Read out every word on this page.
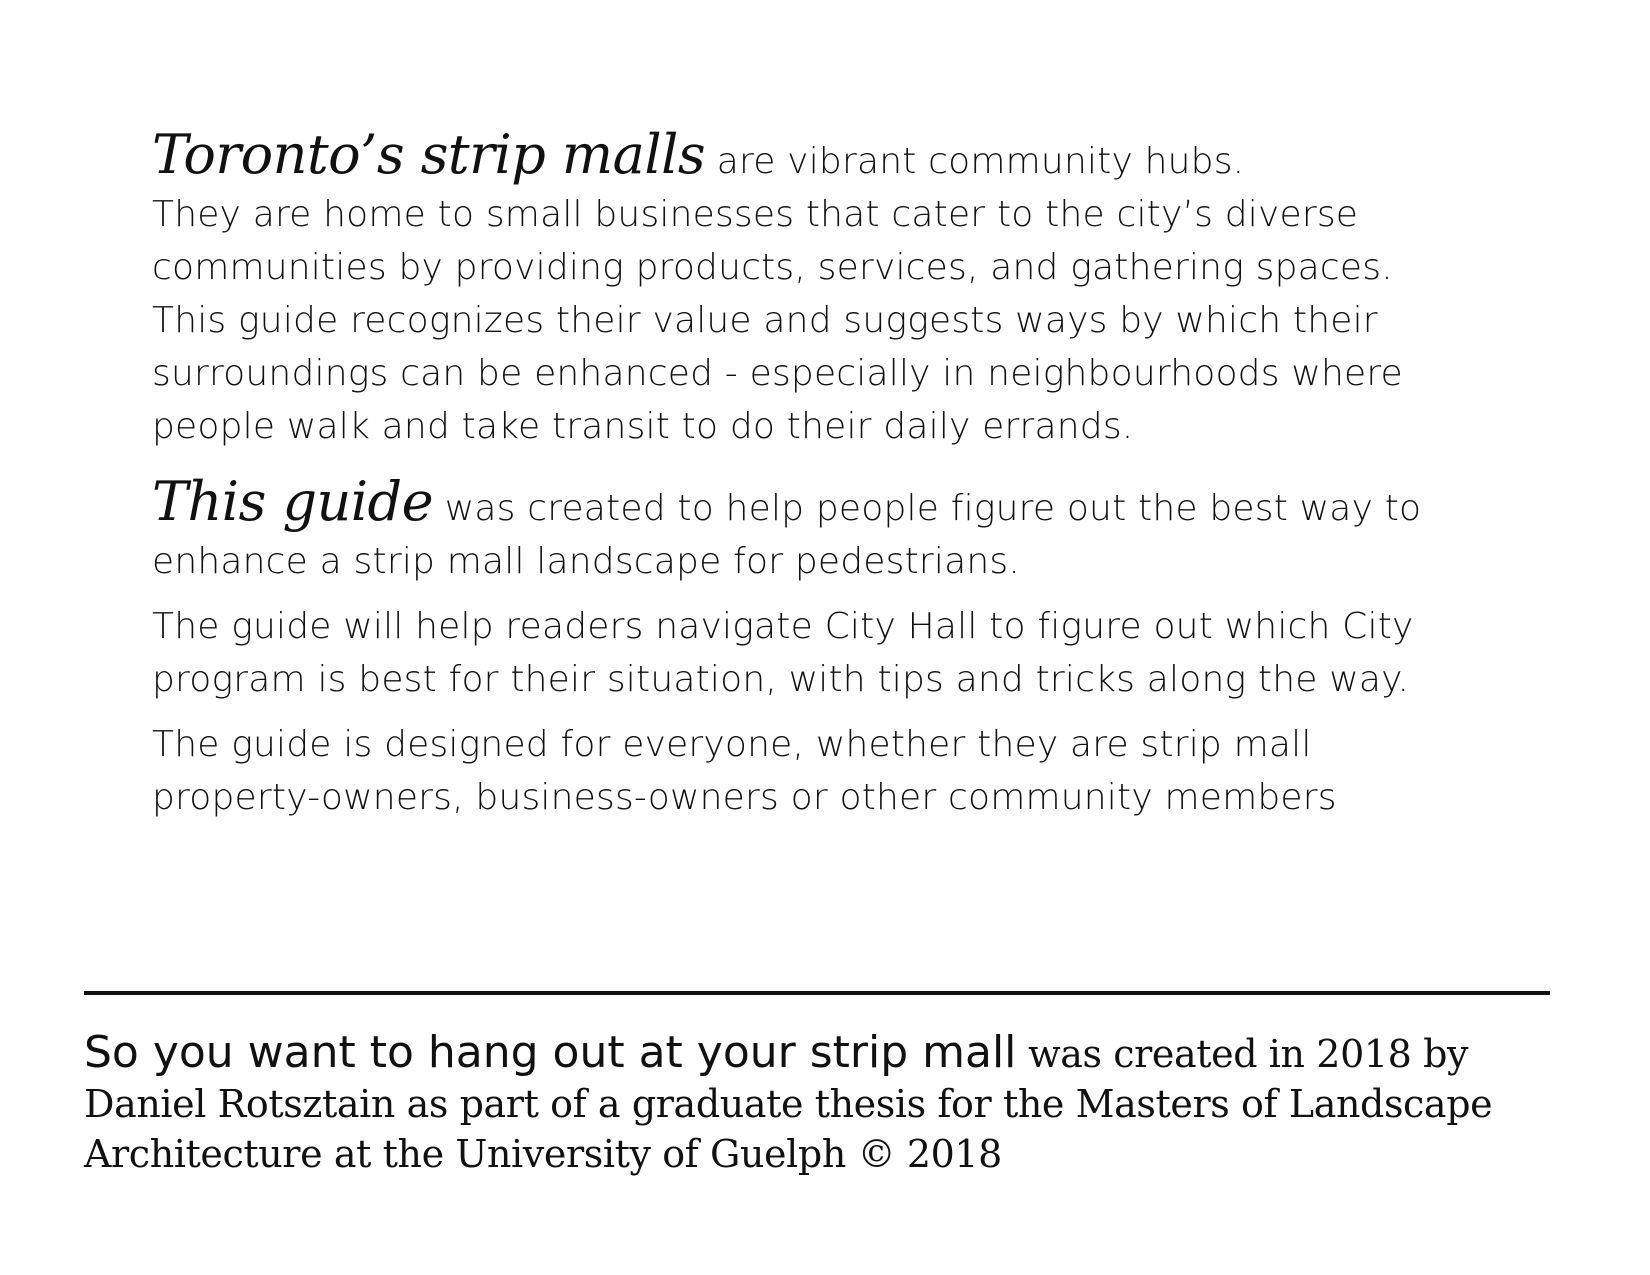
Toronto’s strip malls are vibrant community hubs.
They are home to small businesses that cater to the city’s diverse
communities by providing products, services, and gathering spaces.
This guide recognizes their value and suggests ways by which their
surroundings can be enhanced - especially in neighbourhoods where
people walk and take transit to do their daily errands.

This guide was created to help people figure out the best way to
enhance a strip mall landscape for pedestrians.

The guide will help readers navigate City Hall to figure out which City
program is best for their situation, with tips and tricks along the way.

The guide is designed for everyone, whether they are strip mall
property-owners, business-owners or other community members

So you want to hang out at your strip mall was created in 2018 by
Daniel Rotsztain as part of a graduate thesis for the Masters of Landscape
Architecture at the University of Guelph © 2018
